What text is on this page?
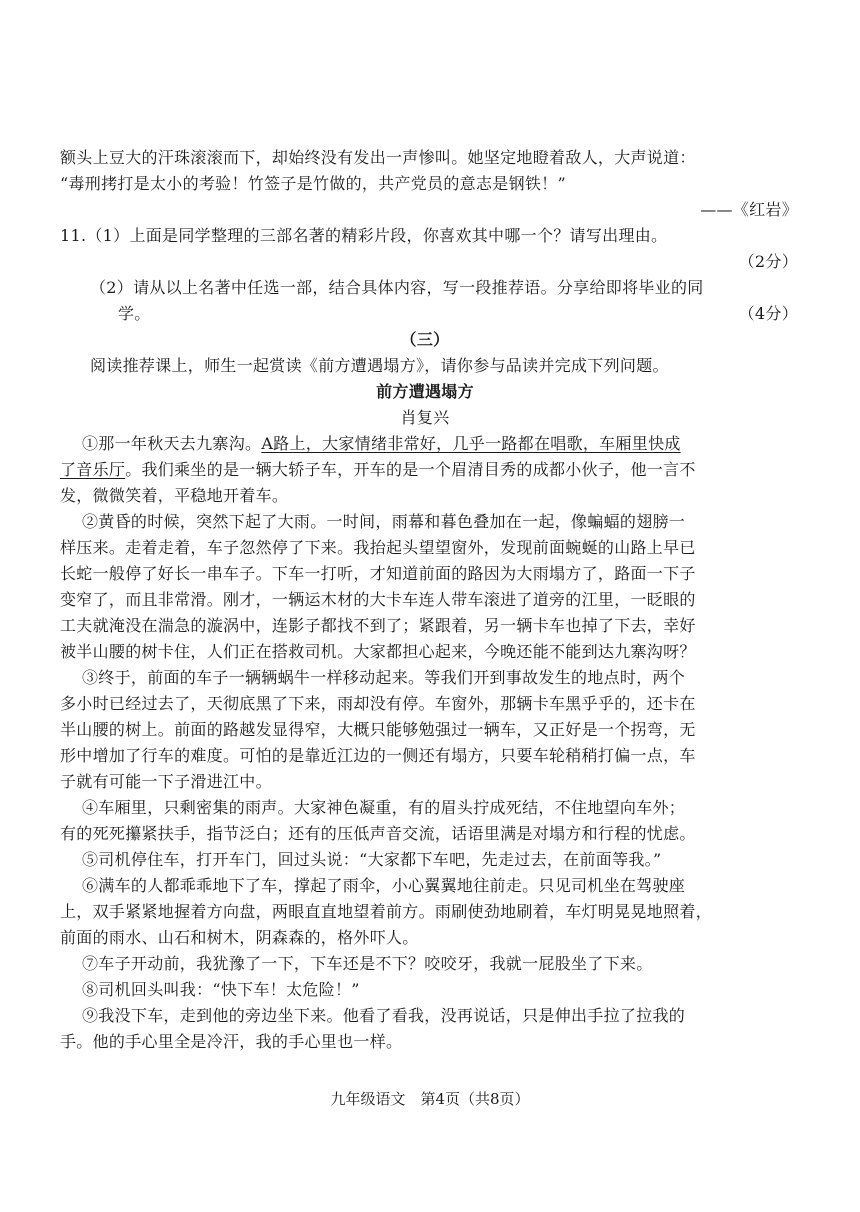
额头上豆大的汗珠滚滚而下，却始终没有发出一声惨叫。她坚定地瞪着敌人，大声说道：
“毒刑拷打是太小的考验！竹签子是竹做的，共产党员的意志是钢铁！”
——《红岩》
11.（1）上面是同学整理的三部名著的精彩片段，你喜欢其中哪一个？请写出理由。
（2分）
（2）请从以上名著中任选一部，结合具体内容，写一段推荐语。分享给即将毕业的同
学。	（4分）
（三）
阅读推荐课上，师生一起赏读《前方遭遇塌方》，请你参与品读并完成下列问题。
前方遭遇塌方
肖复兴
①那一年秋天去九寨沟。A路上，大家情绪非常好，几乎一路都在唱歌，车厢里快成
了音乐厅。我们乘坐的是一辆大轿子车，开车的是一个眉清目秀的成都小伙子，他一言不
发，微微笑着，平稳地开着车。
②黄昏的时候，突然下起了大雨。一时间，雨幕和暮色叠加在一起，像蝙蝠的翅膀一
样压来。走着走着，车子忽然停了下来。我抬起头望望窗外，发现前面蜿蜒的山路上早已
长蛇一般停了好长一串车子。下车一打听，才知道前面的路因为大雨塌方了，路面一下子
变窄了，而且非常滑。刚才，一辆运木材的大卡车连人带车滚进了道旁的江里，一眨眼的
工夫就淹没在湍急的漩涡中，连影子都找不到了；紧跟着，另一辆卡车也掉了下去，幸好
被半山腰的树卡住，人们正在搭救司机。大家都担心起来，今晚还能不能到达九寨沟呀？
③终于，前面的车子一辆辆蜗牛一样移动起来。等我们开到事故发生的地点时，两个
多小时已经过去了，天彻底黑了下来，雨却没有停。车窗外，那辆卡车黑乎乎的，还卡在
半山腰的树上。前面的路越发显得窄，大概只能够勉强过一辆车，又正好是一个拐弯，无
形中增加了行车的难度。可怕的是靠近江边的一侧还有塌方，只要车轮稍稍打偏一点，车
子就有可能一下子滑进江中。
④车厢里，只剩密集的雨声。大家神色凝重，有的眉头拧成死结，不住地望向车外；
有的死死攥紧扶手，指节泛白；还有的压低声音交流，话语里满是对塌方和行程的忧虑。
⑤司机停住车，打开车门，回过头说：“大家都下车吧，先走过去，在前面等我。”
⑥满车的人都乖乖地下了车，撑起了雨伞，小心翼翼地往前走。只见司机坐在驾驶座
上，双手紧紧地握着方向盘，两眼直直地望着前方。雨刷使劲地刷着，车灯明晃晃地照着，
前面的雨水、山石和树木，阴森森的，格外吓人。
⑦车子开动前，我犹豫了一下，下车还是不下？咬咬牙，我就一屁股坐了下来。
⑧司机回头叫我：“快下车！太危险！”
⑨我没下车，走到他的旁边坐下来。他看了看我，没再说话，只是伸出手拉了拉我的
手。他的手心里全是冷汗，我的手心里也一样。
九年级语文　第4页（共8页）
